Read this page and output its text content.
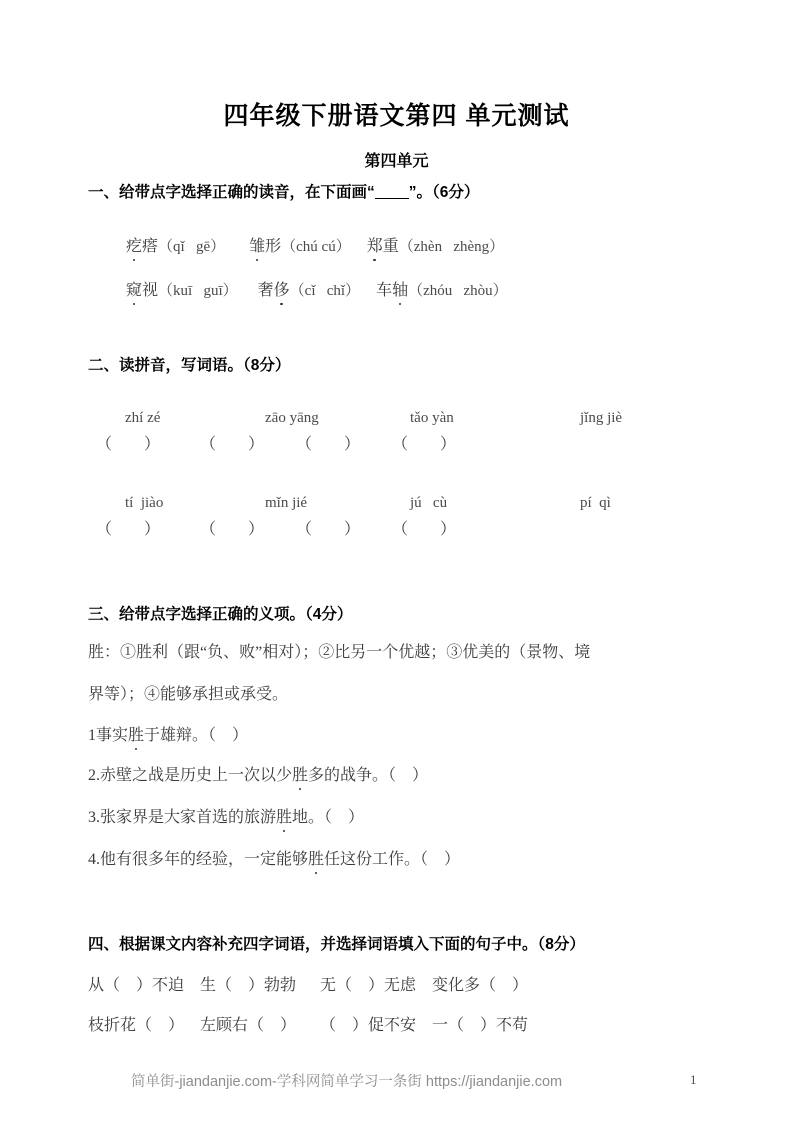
四年级下册语文第四 单元测试
第四单元
一、给带点字选择正确的读音，在下面画“ ”。（6分）

疙瘩（qǐ   gē） 雏形（chú cú） 郑重（zhèn   zhèng）

窥视（kuī   guī） 奢侈（cǐ   chǐ） 车轴（zhóu   zhòu）

二、读拼音，写词语。（8分）

zhí zé	zāo yāng	tǎo yàn	jǐng jiè

（        ）          （        ）        （        ）        （        ）

tí  jiào	mǐn jié	jú   cù	pí  qì

（        ）          （        ）        （        ）        （        ）
三、给带点字选择正确的义项。（4分）
胜：①胜利（跟“负、败”相对）；②比另一个优越；③优美的（景物、境
界等）；④能够承担或承受。
1事实胜于雄辩。（    ）
2.赤壁之战是历史上一次以少胜多的战争。（    ）
3.张家界是大家首选的旅游胜地。（    ）
4.他有很多年的经验，一定能够胜任这份工作。（    ）
四、根据课文内容补充四字词语，并选择词语填入下面的句子中。（8分）
从（    ）不迫    生（    ）勃勃      无（    ）无虑    变化多（    ）
枝折花（    ）    左顾右（    ）      （    ）促不安    一（    ）不苟
简单街-jiandanjie.com-学科网简单学习一条街 https://jiandanjie.com	1
